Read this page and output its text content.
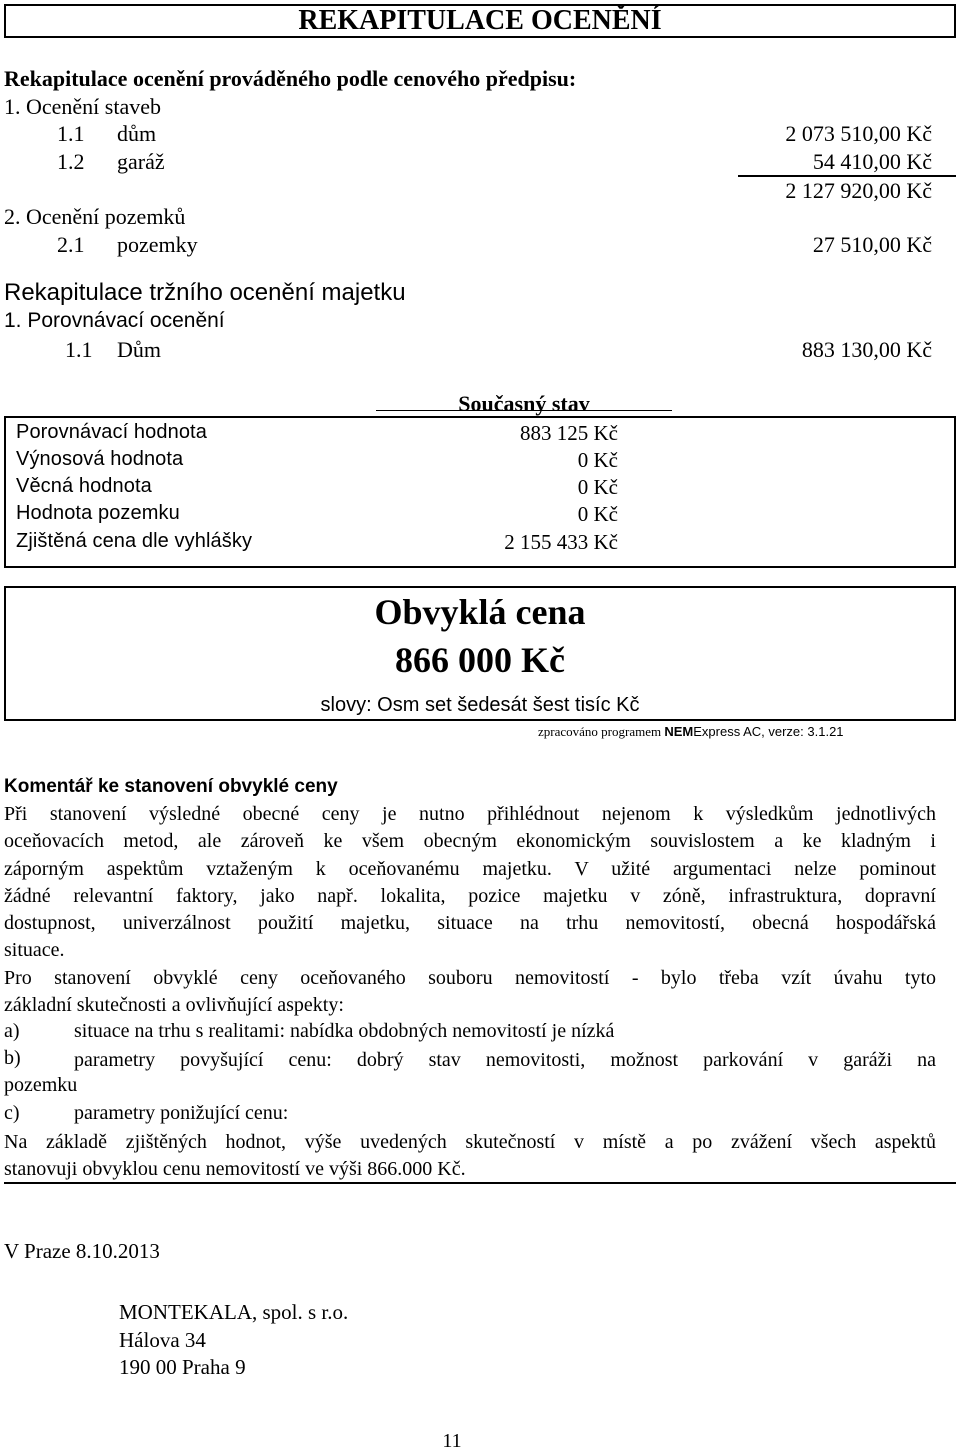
REKAPITULACE OCENĚNÍ
Rekapitulace ocenění prováděného podle cenového předpisu:
1. Ocenění staveb
1.1 dům	2 073 510,00 Kč
1.2 garáž	54 410,00 Kč
2 127 920,00 Kč
2. Ocenění pozemků
2.1 pozemky	27 510,00 Kč
Rekapitulace tržního ocenění majetku
1. Porovnávací ocenění
1.1 Dům	883 130,00 Kč
Současný stav
Porovnávací hodnota	883 125 Kč
Výnosová hodnota	0 Kč
Věcná hodnota	0 Kč
Hodnota pozemku	0 Kč
Zjištěná cena dle vyhlášky	2 155 433 Kč
Obvyklá cena
866 000 Kč
slovy: Osm set šedesát šest tisíc Kč
zpracováno programem NEMExpress AC, verze: 3.1.21
Komentář ke stanovení obvyklé ceny
Při stanovení výsledné obecné ceny je nutno přihlédnout nejenom k výsledkům jednotlivých
oceňovacích metod, ale zároveň ke všem obecným ekonomickým souvislostem a ke kladným i
záporným aspektům vztaženým k oceňovanému majetku. V užité argumentaci nelze pominout
žádné relevantní faktory, jako např. lokalita, pozice majetku v zóně, infrastruktura, dopravní
dostupnost, univerzálnost použití majetku, situace na trhu nemovitostí, obecná hospodářská
situace.
Pro stanovení obvyklé ceny oceňovaného souboru nemovitostí - bylo třeba vzít úvahu tyto
základní skutečnosti a ovlivňující aspekty:
a)	situace na trhu s realitami: nabídka obdobných nemovitostí je nízká
b)	parametry povyšující cenu: dobrý stav nemovitosti, možnost parkování v garáži na
pozemku
c)	parametry ponižující cenu:
Na základě zjištěných hodnot, výše uvedených skutečností v místě a po zvážení všech aspektů
stanovuji obvyklou cenu nemovitostí ve výši 866.000 Kč.
V Praze 8.10.2013
MONTEKALA, spol. s r.o.
Hálova 34
190 00 Praha 9
11
